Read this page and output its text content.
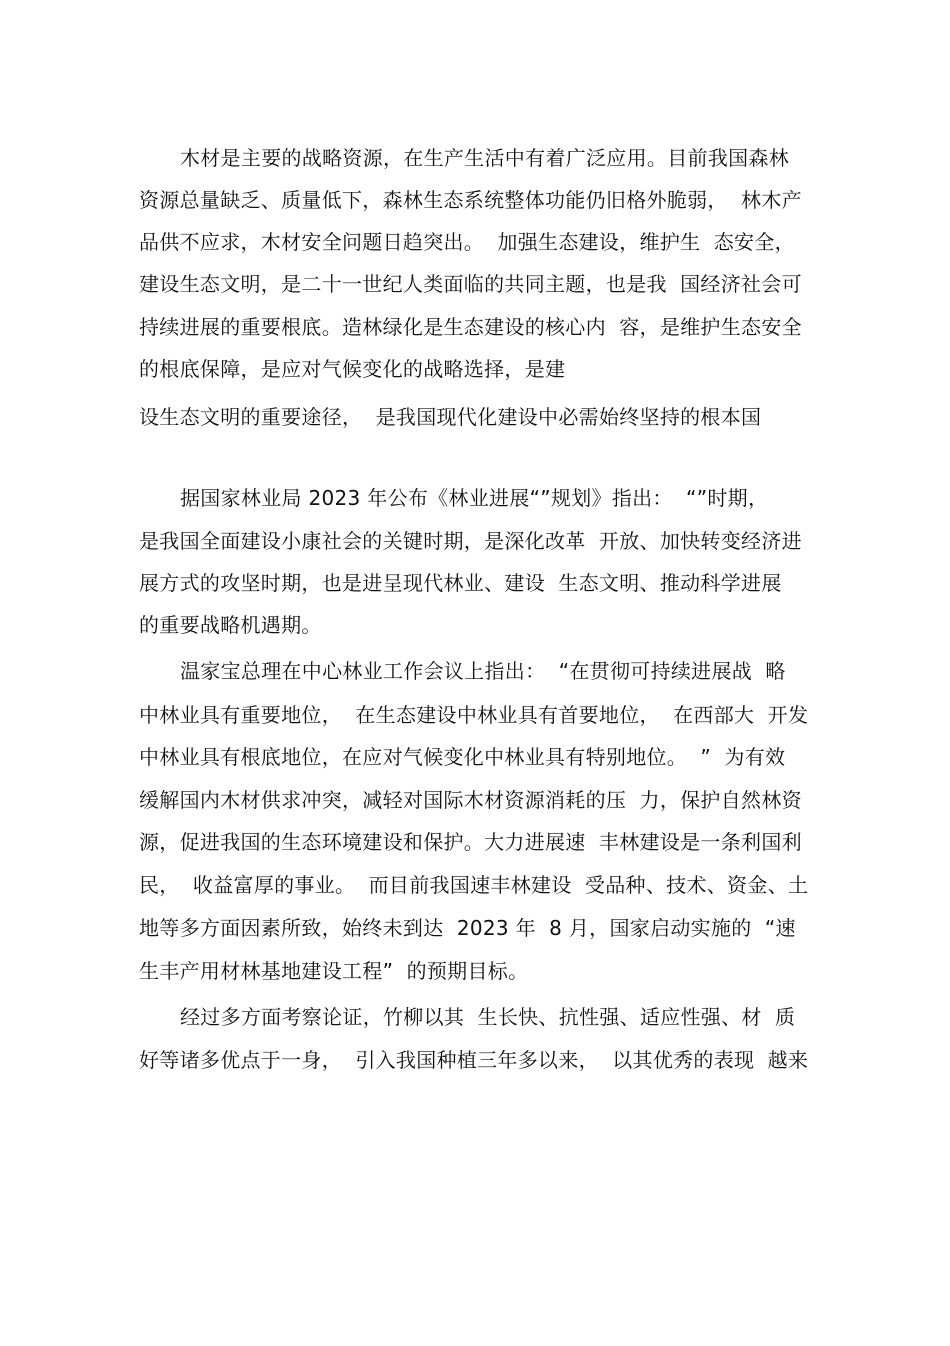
木材是主要的战略资源，在生产生活中有着广泛应用。目前我国森林
资源总量缺乏、质量低下，森林生态系统整体功能仍旧格外脆弱，  林木产
品供不应求，木材安全问题日趋突出。  加强生态建设，维护生  态安全，
建设生态文明，是二十一世纪人类面临的共同主题，也是我  国经济社会可
持续进展的重要根底。造林绿化是生态建设的核心内  容，是维护生态安全
的根底保障，是应对气候变化的战略选择，是建
设生态文明的重要途径，  是我国现代化建设中必需始终坚持的根本国
据国家林业局 2023 年公布《林业进展“”规划》指出：  “”时期，
是我国全面建设小康社会的关键时期，是深化改革  开放、加快转变经济进
展方式的攻坚时期，也是进呈现代林业、建设  生态文明、推动科学进展
的重要战略机遇期。
温家宝总理在中心林业工作会议上指出：  “在贯彻可持续进展战  略
中林业具有重要地位，  在生态建设中林业具有首要地位，  在西部大  开发
中林业具有根底地位，在应对气候变化中林业具有特别地位。  ”  为有效
缓解国内木材供求冲突，减轻对国际木材资源消耗的压  力，保护自然林资
源，促进我国的生态环境建设和保护。大力进展速  丰林建设是一条利国利
民，  收益富厚的事业。  而目前我国速丰林建设  受品种、技术、资金、土
地等多方面因素所致，始终未到达  2023 年  8 月，国家启动实施的  “速
生丰产用材林基地建设工程”  的预期目标。
经过多方面考察论证，竹柳以其  生长快、抗性强、适应性强、材  质
好等诸多优点于一身，  引入我国种植三年多以来，  以其优秀的表现  越来
